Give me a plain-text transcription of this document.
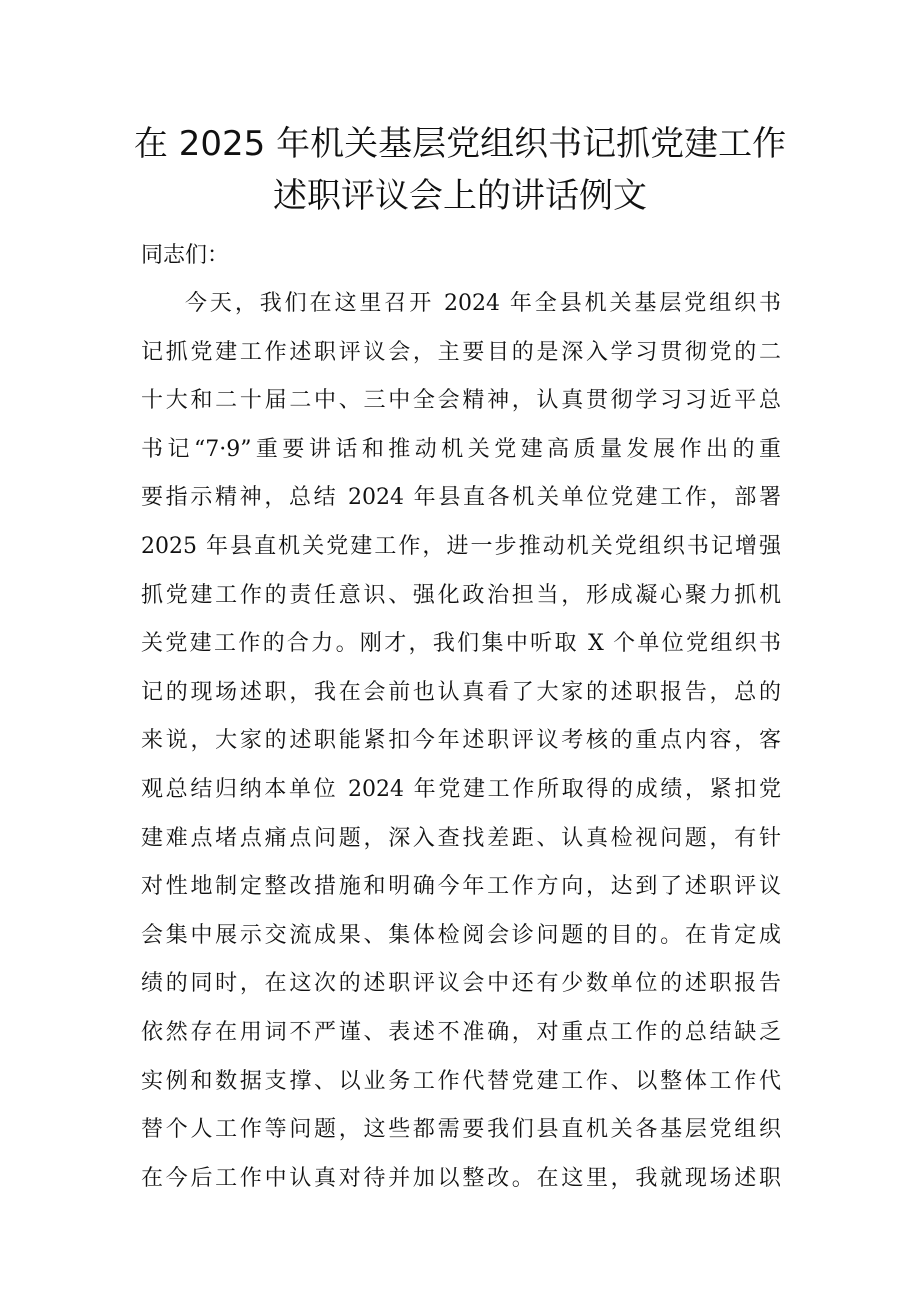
在 2025 年机关基层党组织书记抓党建工作
述职评议会上的讲话例文
同志们：
今天，我们在这里召开 2024 年全县机关基层党组织书
记抓党建工作述职评议会，主要目的是深入学习贯彻党的二
十大和二十届二中、三中全会精神，认真贯彻学习习近平总
书记“7·9”重要讲话和推动机关党建高质量发展作出的重
要指示精神，总结 2024 年县直各机关单位党建工作，部署
2025 年县直机关党建工作，进一步推动机关党组织书记增强
抓党建工作的责任意识、强化政治担当，形成凝心聚力抓机
关党建工作的合力。刚才，我们集中听取 X 个单位党组织书
记的现场述职，我在会前也认真看了大家的述职报告，总的
来说，大家的述职能紧扣今年述职评议考核的重点内容，客
观总结归纳本单位 2024 年党建工作所取得的成绩，紧扣党
建难点堵点痛点问题，深入查找差距、认真检视问题，有针
对性地制定整改措施和明确今年工作方向，达到了述职评议
会集中展示交流成果、集体检阅会诊问题的目的。在肯定成
绩的同时，在这次的述职评议会中还有少数单位的述职报告
依然存在用词不严谨、表述不准确，对重点工作的总结缺乏
实例和数据支撑、以业务工作代替党建工作、以整体工作代
替个人工作等问题，这些都需要我们县直机关各基层党组织
在今后工作中认真对待并加以整改。在这里，我就现场述职
